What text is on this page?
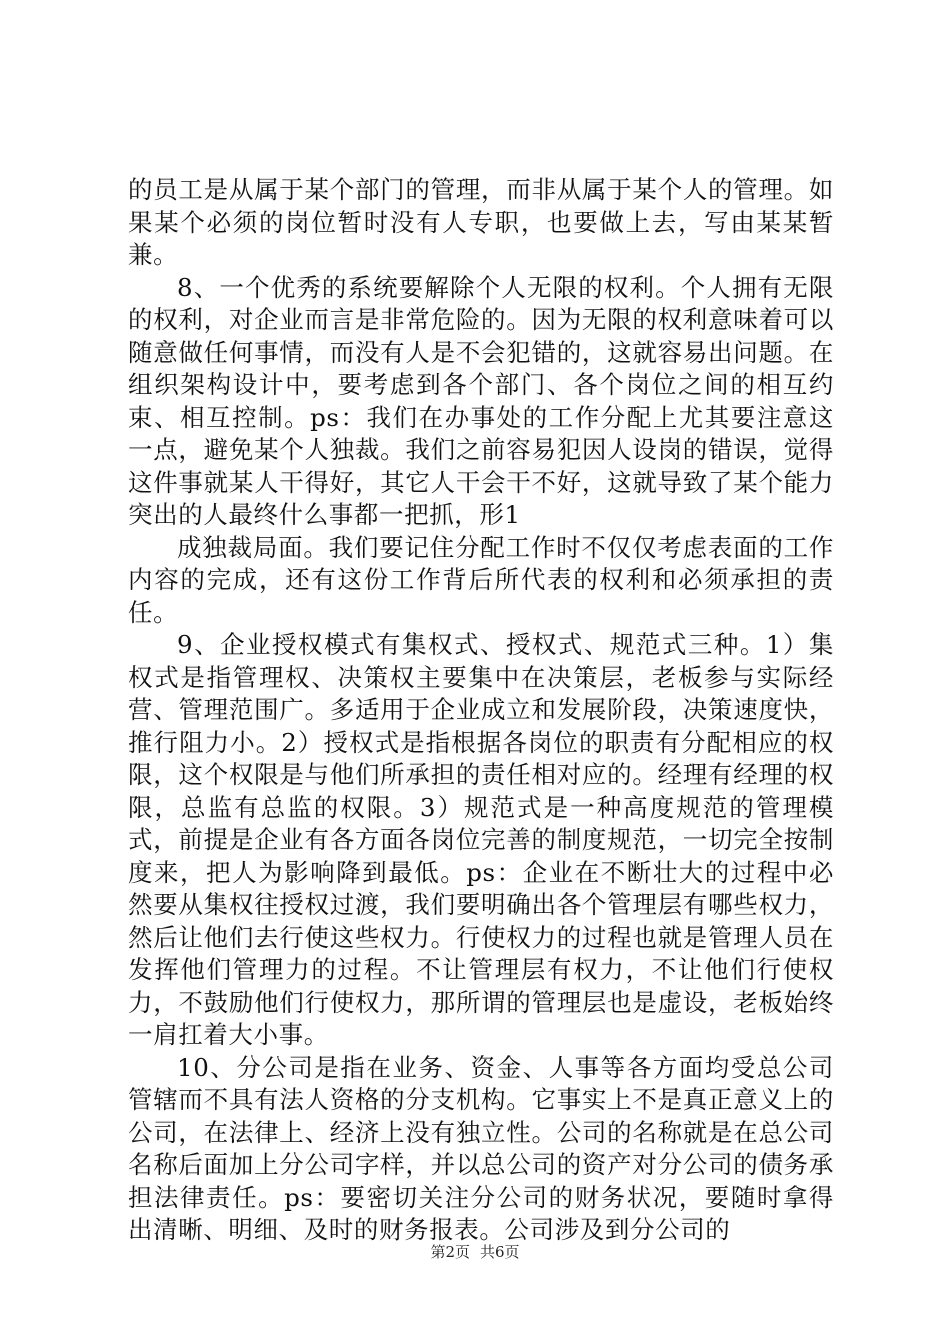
的员工是从属于某个部门的管理，而非从属于某个人的管理。如果某个必须的岗位暂时没有人专职，也要做上去，写由某某暂兼。

8、一个优秀的系统要解除个人无限的权利。个人拥有无限的权利，对企业而言是非常危险的。因为无限的权利意味着可以随意做任何事情，而没有人是不会犯错的，这就容易出问题。在组织架构设计中，要考虑到各个部门、各个岗位之间的相互约束、相互控制。ps：我们在办事处的工作分配上尤其要注意这一点，避免某个人独裁。我们之前容易犯因人设岗的错误，觉得这件事就某人干得好，其它人干会干不好，这就导致了某个能力突出的人最终什么事都一把抓，形1

成独裁局面。我们要记住分配工作时不仅仅考虑表面的工作内容的完成，还有这份工作背后所代表的权利和必须承担的责任。

9、企业授权模式有集权式、授权式、规范式三种。1）集权式是指管理权、决策权主要集中在决策层，老板参与实际经营、管理范围广。多适用于企业成立和发展阶段，决策速度快，推行阻力小。2）授权式是指根据各岗位的职责有分配相应的权限，这个权限是与他们所承担的责任相对应的。经理有经理的权限，总监有总监的权限。3）规范式是一种高度规范的管理模式，前提是企业有各方面各岗位完善的制度规范，一切完全按制度来，把人为影响降到最低。ps：企业在不断壮大的过程中必然要从集权往授权过渡，我们要明确出各个管理层有哪些权力，然后让他们去行使这些权力。行使权力的过程也就是管理人员在发挥他们管理力的过程。不让管理层有权力，不让他们行使权力，不鼓励他们行使权力，那所谓的管理层也是虚设，老板始终一肩扛着大小事。

10、分公司是指在业务、资金、人事等各方面均受总公司管辖而不具有法人资格的分支机构。它事实上不是真正意义上的公司，在法律上、经济上没有独立性。公司的名称就是在总公司名称后面加上分公司字样，并以总公司的资产对分公司的债务承担法律责任。ps：要密切关注分公司的财务状况，要随时拿得出清晰、明细、及时的财务报表。公司涉及到分公司的

第2页 共6页
